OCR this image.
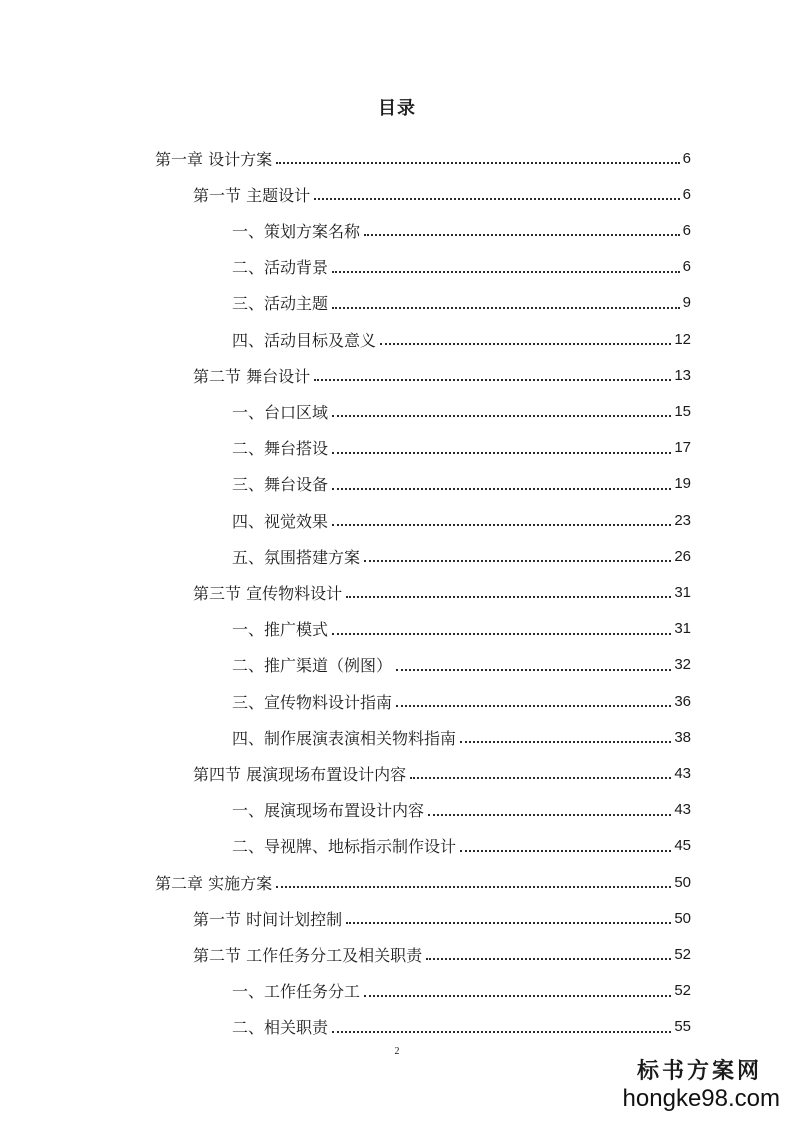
目录
第一章 设计方案	6
第一节 主题设计	6
一、策划方案名称	6
二、活动背景	6
三、活动主题	9
四、活动目标及意义	12
第二节 舞台设计	13
一、台口区域	15
二、舞台搭设	17
三、舞台设备	19
四、视觉效果	23
五、氛围搭建方案	26
第三节 宣传物料设计	31
一、推广模式	31
二、推广渠道（例图）	32
三、宣传物料设计指南	36
四、制作展演表演相关物料指南	38
第四节 展演现场布置设计内容	43
一、展演现场布置设计内容	43
二、导视牌、地标指示制作设计	45
第二章 实施方案	50
第一节 时间计划控制	50
第二节 工作任务分工及相关职责	52
一、工作任务分工	52
二、相关职责	55
2
标书方案网
hongke98.com
